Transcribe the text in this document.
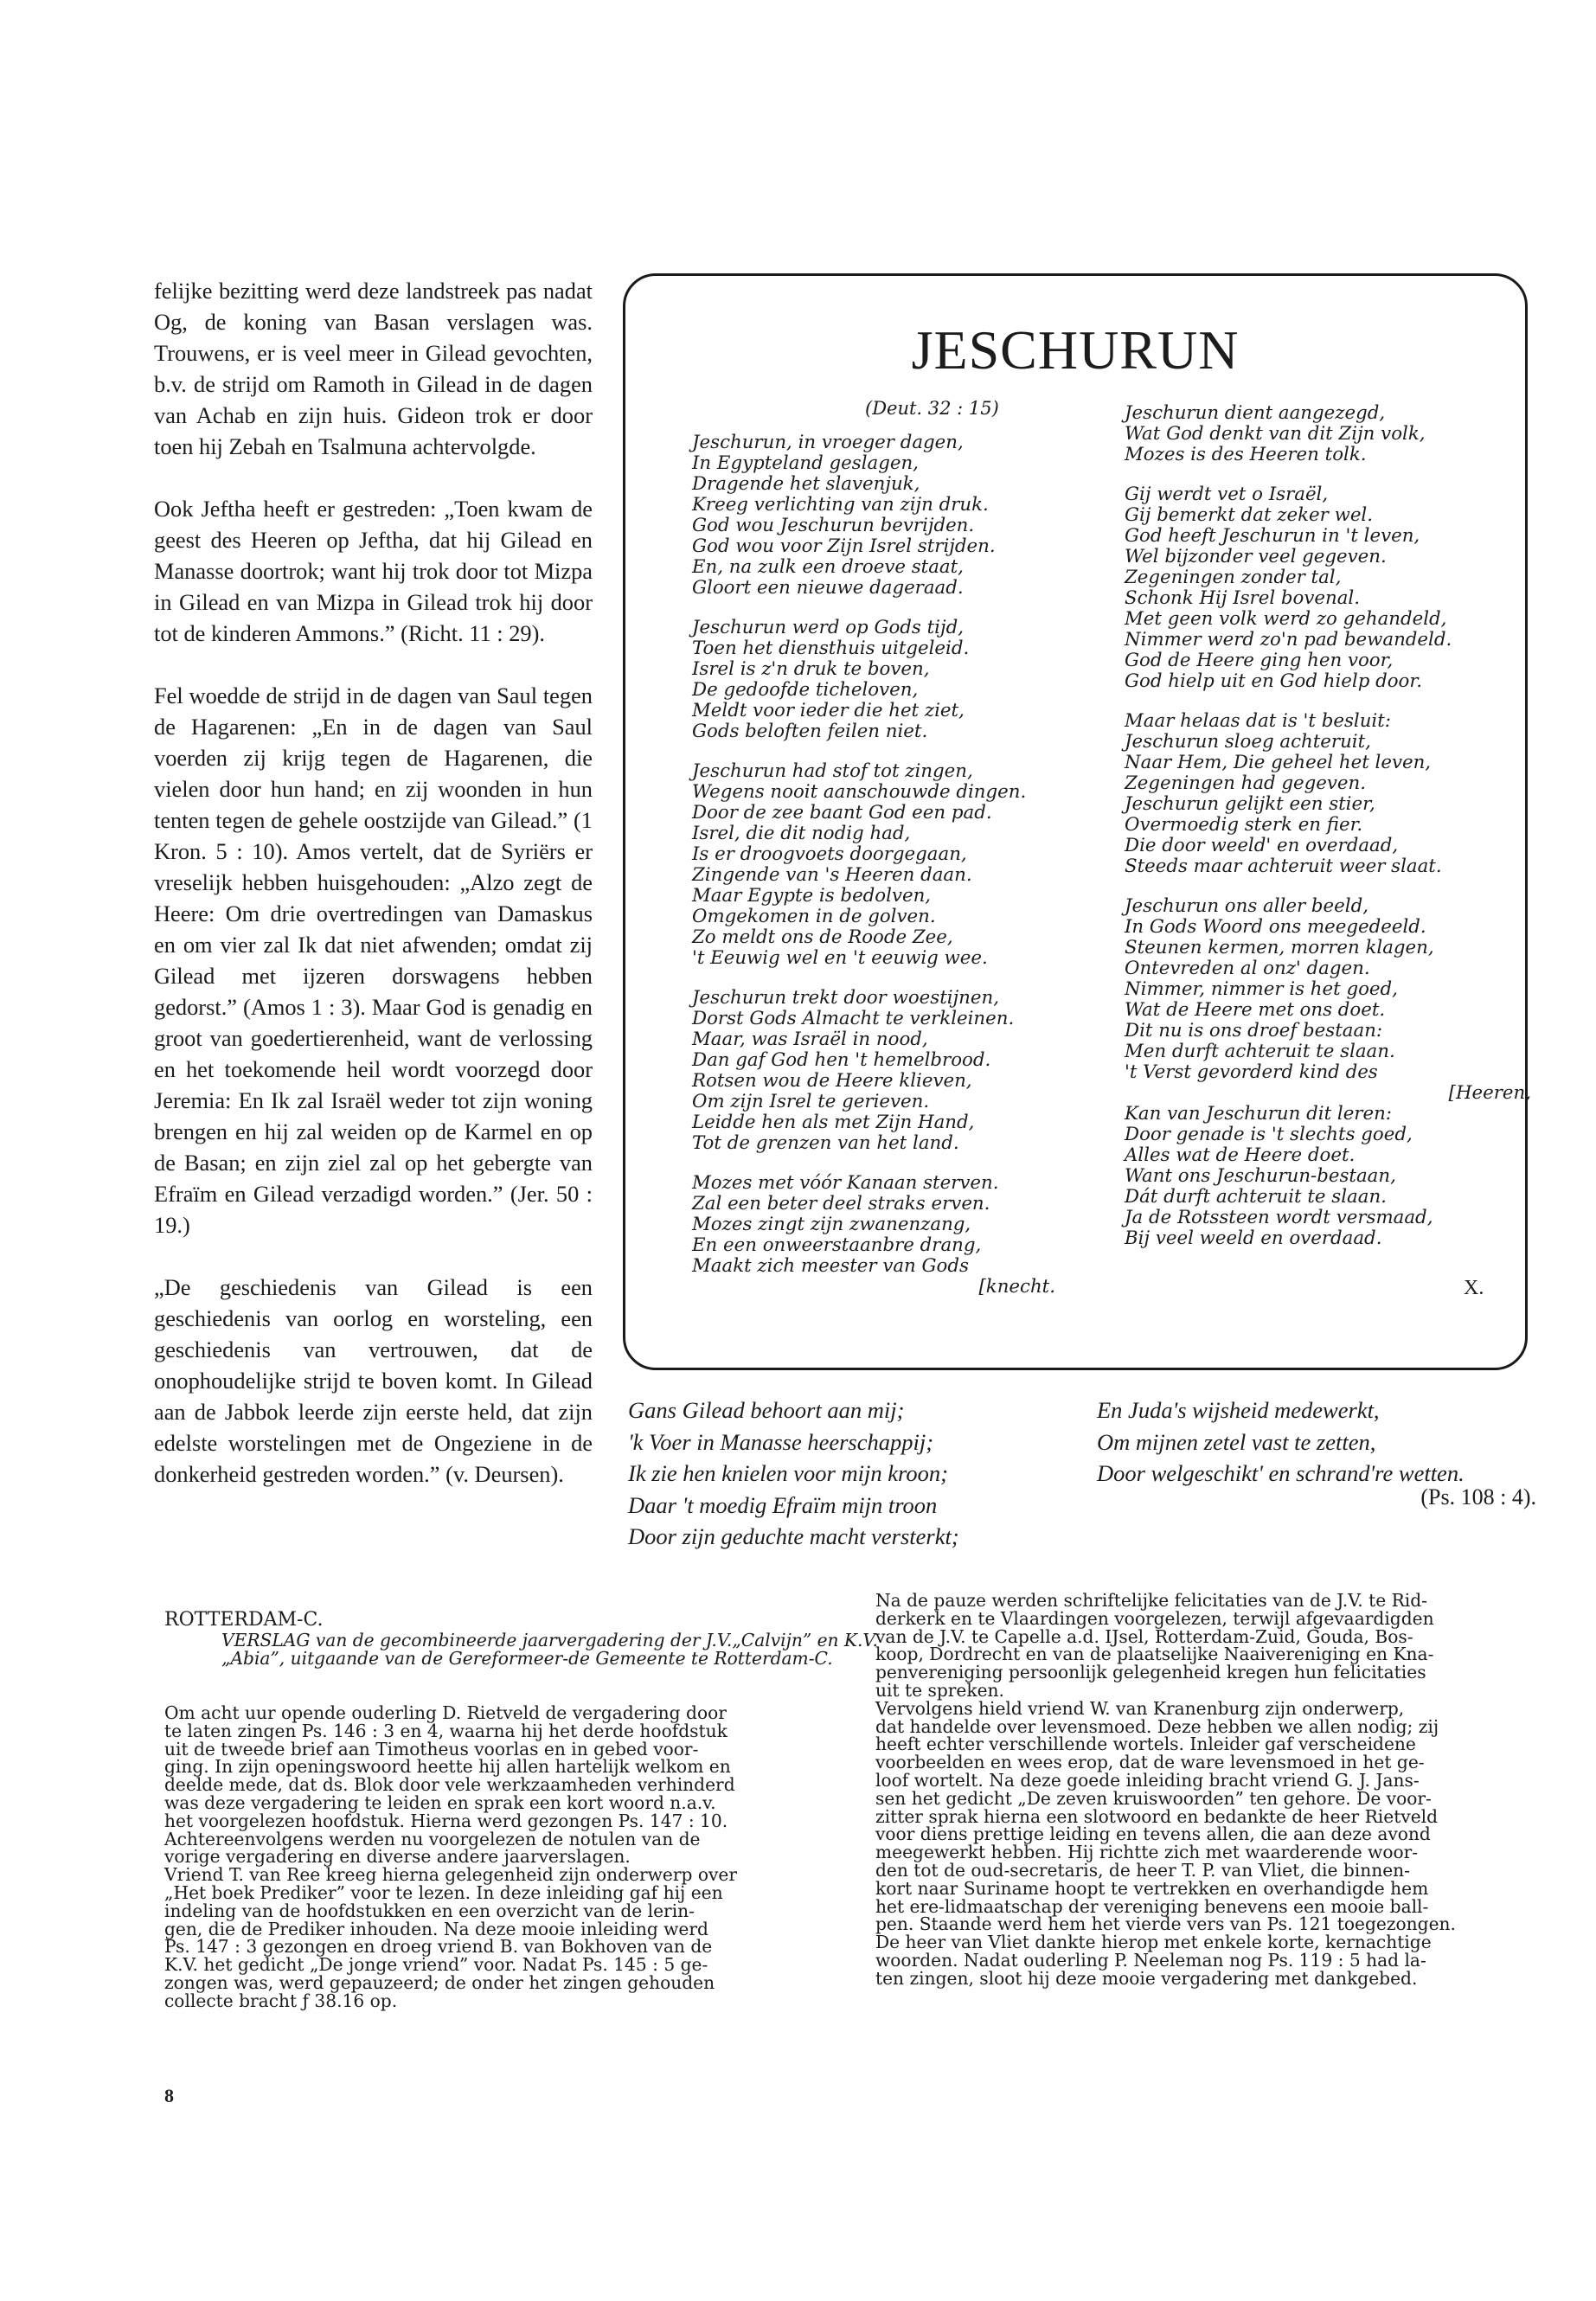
felijke bezitting werd deze landstreek pas nadat Og, de koning van Basan verslagen was. Trouwens, er is veel meer in Gilead gevochten, b.v. de strijd om Ramoth in Gilead in de dagen van Achab en zijn huis. Gideon trok er door toen hij Zebah en Tsalmuna achtervolgde.

Ook Jeftha heeft er gestreden: „Toen kwam de geest des Heeren op Jeftha, dat hij Gilead en Manasse doortrok; want hij trok door tot Mizpa in Gilead en van Mizpa in Gilead trok hij door tot de kinderen Ammons.” (Richt. 11 : 29).

Fel woedde de strijd in de dagen van Saul tegen de Hagarenen: „En in de dagen van Saul voerden zij krijg tegen de Hagarenen, die vielen door hun hand; en zij woonden in hun tenten tegen de gehele oostzijde van Gilead.” (1 Kron. 5 : 10). Amos vertelt, dat de Syriërs er vreselijk hebben huisgehouden: „Alzo zegt de Heere: Om drie overtredingen van Damaskus en om vier zal Ik dat niet afwenden; omdat zij Gilead met ijzeren dorswagens hebben gedorst.” (Amos 1 : 3). Maar God is genadig en groot van goedertierenheid, want de verlossing en het toekomende heil wordt voorzegd door Jeremia: En Ik zal Israël weder tot zijn woning brengen en hij zal weiden op de Karmel en op de Basan; en zijn ziel zal op het gebergte van Efraïm en Gilead verzadigd worden.” (Jer. 50 : 19.)

„De geschiedenis van Gilead is een geschiedenis van oorlog en worsteling, een geschiedenis van vertrouwen, dat de onophoudelijke strijd te boven komt. In Gilead aan de Jabbok leerde zijn eerste held, dat zijn edelste worstelingen met de Ongeziene in de donkerheid gestreden worden.” (v. Deursen).

JESCHURUN
(Deut. 32 : 15)
Jeschurun, in vroeger dagen,
In Egypteland geslagen,
Dragende het slavenjuk,
Kreeg verlichting van zijn druk.
God wou Jeschurun bevrijden.
God wou voor Zijn Isrel strijden.
En, na zulk een droeve staat,
Gloort een nieuwe dageraad.
Jeschurun werd op Gods tijd,
Toen het diensthuis uitgeleid.
Isrel is z'n druk te boven,
De gedoofde ticheloven,
Meldt voor ieder die het ziet,
Gods beloften feilen niet.
Jeschurun had stof tot zingen,
Wegens nooit aanschouwde dingen.
Door de zee baant God een pad.
Isrel, die dit nodig had,
Is er droogvoets doorgegaan,
Zingende van 's Heeren daan.
Maar Egypte is bedolven,
Omgekomen in de golven.
Zo meldt ons de Roode Zee,
't Eeuwig wel en 't eeuwig wee.
Jeschurun trekt door woestijnen,
Dorst Gods Almacht te verkleinen.
Maar, was Israël in nood,
Dan gaf God hen 't hemelbrood.
Rotsen wou de Heere klieven,
Om zijn Isrel te gerieven.
Leidde hen als met Zijn Hand,
Tot de grenzen van het land.
Mozes met vóór Kanaan sterven.
Zal een beter deel straks erven.
Mozes zingt zijn zwanenzang,
En een onweerstaanbre drang,
Maakt zich meester van Gods
[knecht.
Jeschurun dient aangezegd,
Wat God denkt van dit Zijn volk,
Mozes is des Heeren tolk.
Gij werdt vet o Israël,
Gij bemerkt dat zeker wel.
God heeft Jeschurun in 't leven,
Wel bijzonder veel gegeven.
Zegeningen zonder tal,
Schonk Hij Isrel bovenal.
Met geen volk werd zo gehandeld,
Nimmer werd zo'n pad bewandeld.
God de Heere ging hen voor,
God hielp uit en God hielp door.
Maar helaas dat is 't besluit:
Jeschurun sloeg achteruit,
Naar Hem, Die geheel het leven,
Zegeningen had gegeven.
Jeschurun gelijkt een stier,
Overmoedig sterk en fier.
Die door weeld' en overdaad,
Steeds maar achteruit weer slaat.
Jeschurun ons aller beeld,
In Gods Woord ons meegedeeld.
Steunen kermen, morren klagen,
Ontevreden al onz' dagen.
Nimmer, nimmer is het goed,
Wat de Heere met ons doet.
Dit nu is ons droef bestaan:
Men durft achteruit te slaan.
't Verst gevorderd kind des
[Heeren,
Kan van Jeschurun dit leren:
Door genade is 't slechts goed,
Alles wat de Heere doet.
Want ons Jeschurun-bestaan,
Dát durft achteruit te slaan.
Ja de Rotssteen wordt versmaad,
Bij veel weeld en overdaad.
X.
Gans Gilead behoort aan mij;
'k Voer in Manasse heerschappij;
Ik zie hen knielen voor mijn kroon;
Daar 't moedig Efraïm mijn troon
Door zijn geduchte macht versterkt;
En Juda's wijsheid medewerkt,
Om mijnen zetel vast te zetten,
Door welgeschikt' en schrand're wetten.
(Ps. 108 : 4).
ROTTERDAM-C.
VERSLAG van de gecombineerde jaarvergadering der J.V.„Calvijn” en K.V. „Abia”, uitgaande van de Gereformeer-de Gemeente te Rotterdam-C.
Om acht uur opende ouderling D. Rietveld de vergadering door
te laten zingen Ps. 146 : 3 en 4, waarna hij het derde hoofdstuk
uit de tweede brief aan Timotheus voorlas en in gebed voor-
ging. In zijn openingswoord heette hij allen hartelijk welkom en
deelde mede, dat ds. Blok door vele werkzaamheden verhinderd
was deze vergadering te leiden en sprak een kort woord n.a.v.
het voorgelezen hoofdstuk. Hierna werd gezongen Ps. 147 : 10.
Achtereenvolgens werden nu voorgelezen de notulen van de
vorige vergadering en diverse andere jaarverslagen.
Vriend T. van Ree kreeg hierna gelegenheid zijn onderwerp over
„Het boek Prediker” voor te lezen. In deze inleiding gaf hij een
indeling van de hoofdstukken en een overzicht van de lerin-
gen, die de Prediker inhouden. Na deze mooie inleiding werd
Ps. 147 : 3 gezongen en droeg vriend B. van Bokhoven van de
K.V. het gedicht „De jonge vriend” voor. Nadat Ps. 145 : 5 ge-
zongen was, werd gepauzeerd; de onder het zingen gehouden
collecte bracht ƒ 38.16 op.
Na de pauze werden schriftelijke felicitaties van de J.V. te Rid-
derkerk en te Vlaardingen voorgelezen, terwijl afgevaardigden
van de J.V. te Capelle a.d. IJsel, Rotterdam-Zuid, Gouda, Bos-
koop, Dordrecht en van de plaatselijke Naaivereniging en Kna-
penvereniging persoonlijk gelegenheid kregen hun felicitaties
uit te spreken.
Vervolgens hield vriend W. van Kranenburg zijn onderwerp,
dat handelde over levensmoed. Deze hebben we allen nodig; zij
heeft echter verschillende wortels. Inleider gaf verscheidene
voorbeelden en wees erop, dat de ware levensmoed in het ge-
loof wortelt. Na deze goede inleiding bracht vriend G. J. Jans-
sen het gedicht „De zeven kruiswoorden” ten gehore. De voor-
zitter sprak hierna een slotwoord en bedankte de heer Rietveld
voor diens prettige leiding en tevens allen, die aan deze avond
meegewerkt hebben. Hij richtte zich met waarderende woor-
den tot de oud-secretaris, de heer T. P. van Vliet, die binnen-
kort naar Suriname hoopt te vertrekken en overhandigde hem
het ere-lidmaatschap der vereniging benevens een mooie ball-
pen. Staande werd hem het vierde vers van Ps. 121 toegezongen.
De heer van Vliet dankte hierop met enkele korte, kernachtige
woorden. Nadat ouderling P. Neeleman nog Ps. 119 : 5 had la-
ten zingen, sloot hij deze mooie vergadering met dankgebed.
8
